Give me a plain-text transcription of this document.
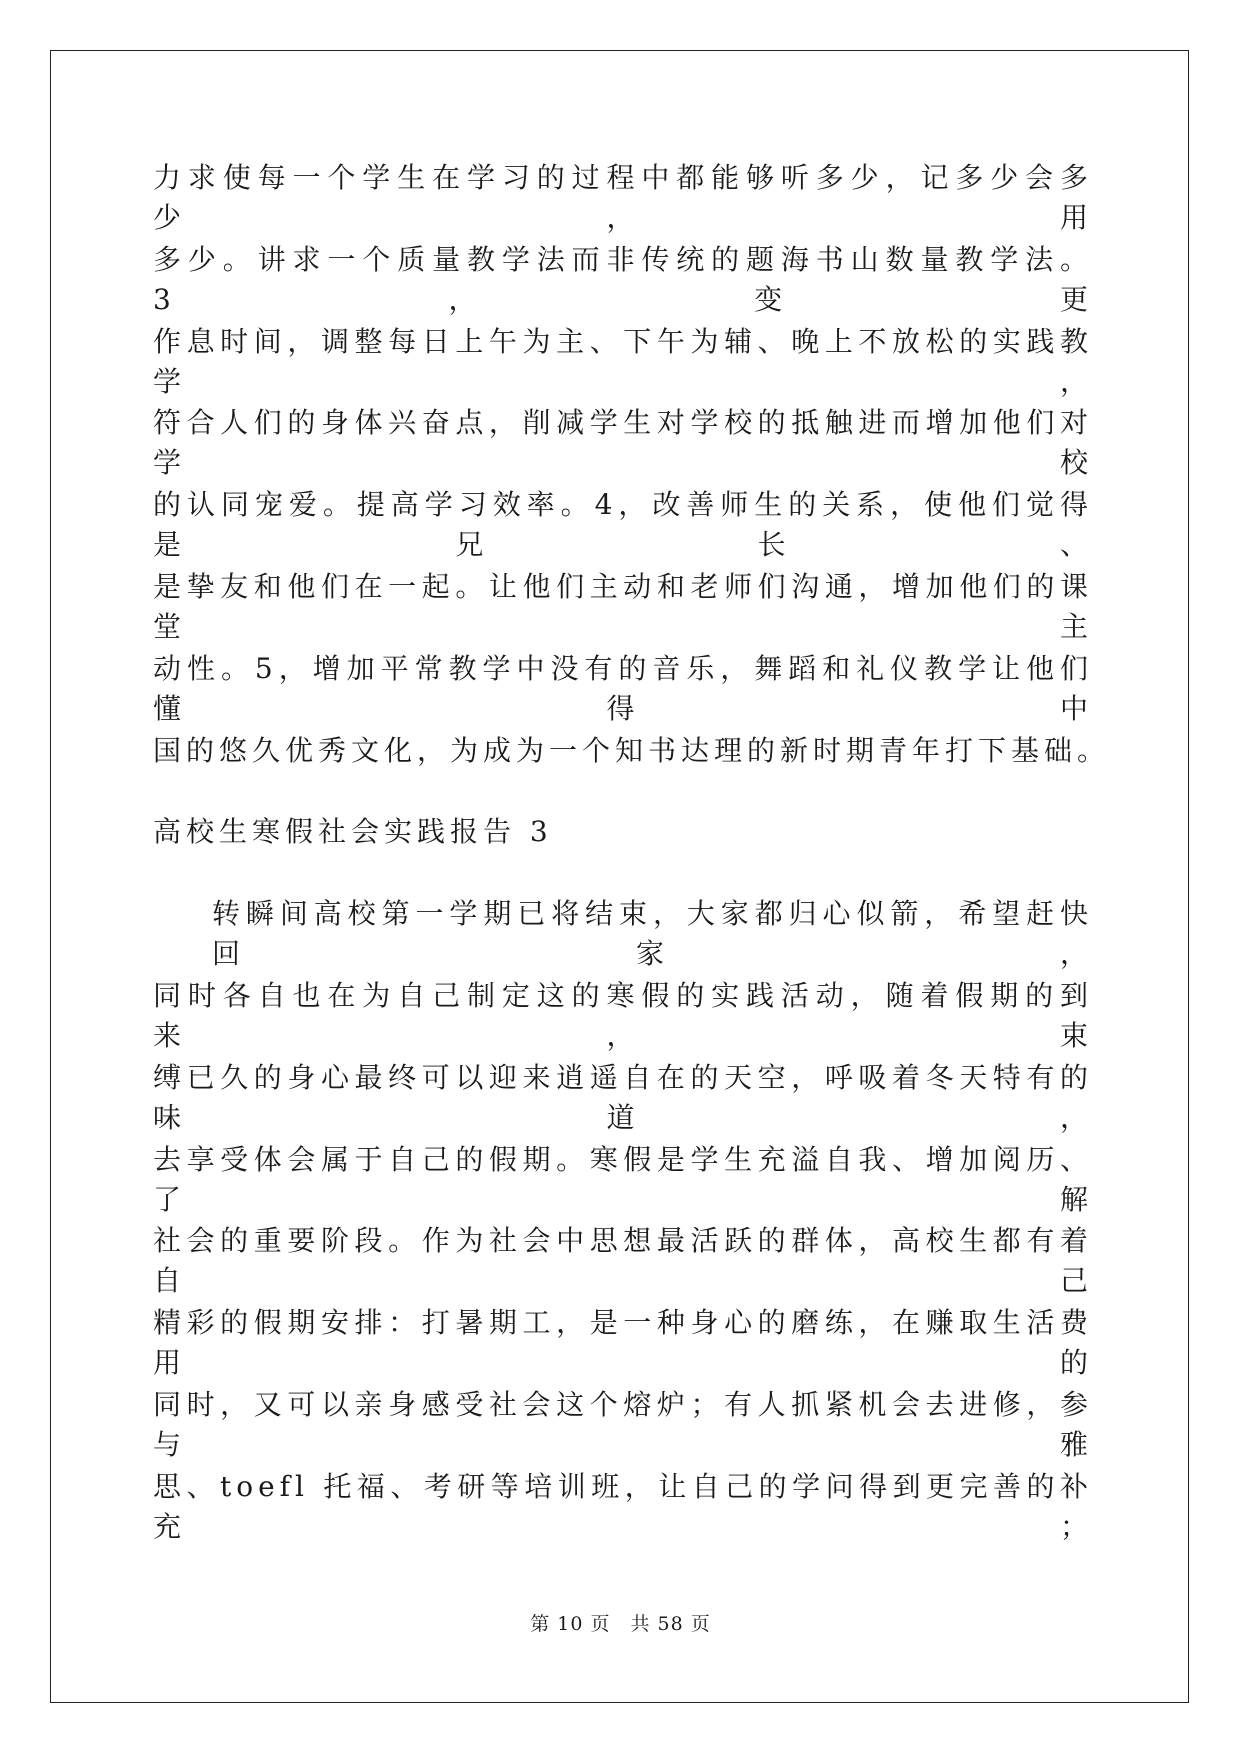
力求使每一个学生在学习的过程中都能够听多少，记多少会多少，用
多少。讲求一个质量教学法而非传统的题海书山数量教学法。3，变更
作息时间，调整每日上午为主、下午为辅、晚上不放松的实践教学，
符合人们的身体兴奋点，削减学生对学校的抵触进而增加他们对学校
的认同宠爱。提高学习效率。4，改善师生的关系，使他们觉得是兄长、
是挚友和他们在一起。让他们主动和老师们沟通，增加他们的课堂主
动性。5，增加平常教学中没有的音乐，舞蹈和礼仪教学让他们懂得中
国的悠久优秀文化，为成为一个知书达理的新时期青年打下基础。
高校生寒假社会实践报告 3
转瞬间高校第一学期已将结束，大家都归心似箭，希望赶快回家，
同时各自也在为自己制定这的寒假的实践活动，随着假期的到来，束
缚已久的身心最终可以迎来逍遥自在的天空，呼吸着冬天特有的味道，
去享受体会属于自己的假期。寒假是学生充溢自我、增加阅历、了解
社会的重要阶段。作为社会中思想最活跃的群体，高校生都有着自己
精彩的假期安排：打暑期工，是一种身心的磨练，在赚取生活费用的
同时，又可以亲身感受社会这个熔炉；有人抓紧机会去进修，参与雅
思、toefl 托福、考研等培训班，让自己的学问得到更完善的补充；
第 10 页　共 58 页
